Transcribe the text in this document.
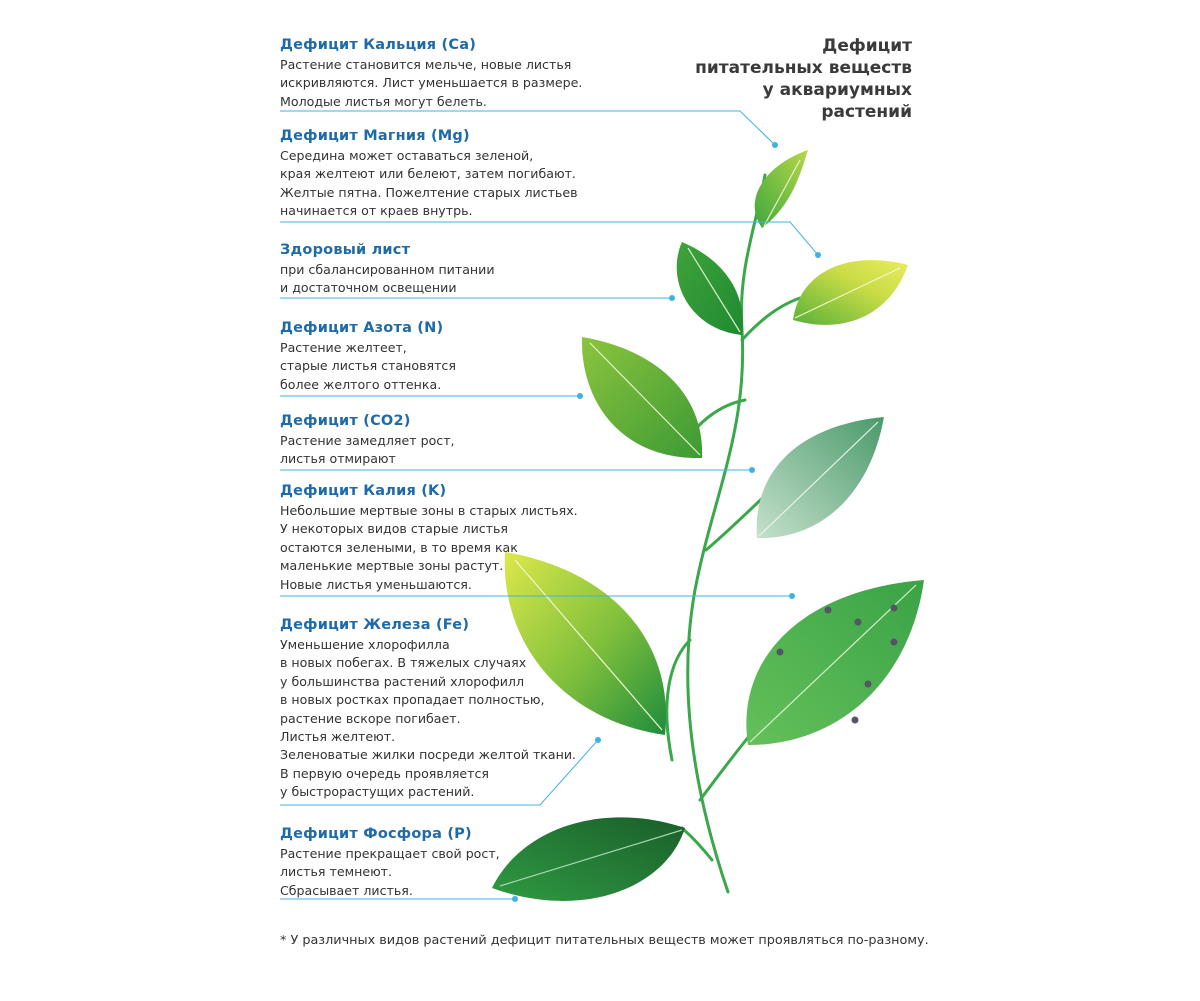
Дефицит
питательных веществ
у аквариумных
растений
Дефицит Кальция (Ca)

Растение становится мельче, новые листья
искривляются. Лист уменьшается в размере.
Молодые листья могут белеть.

Дефицит Магния (Mg)

Середина может оставаться зеленой,
края желтеют или белеют, затем погибают.
Желтые пятна. Пожелтение старых листьев
начинается от краев внутрь.

Здоровый лист

при сбалансированном питании
и достаточном освещении

Дефицит Азота (N)

Растение желтеет,
старые листья становятся
более желтого оттенка.

Дефицит (CO2)

Растение замедляет рост,
листья отмирают

Дефицит Калия (K)

Небольшие мертвые зоны в старых листьях.
У некоторых видов старые листья
остаются зелеными, в то время как
маленькие мертвые зоны растут.
Новые листья уменьшаются.

Дефицит Железа (Fe)

Уменьшение хлорофилла
в новых побегах. В тяжелых случаях
у большинства растений хлорофилл
в новых ростках пропадает полностью,
растение вскоре погибает.
Листья желтеют.
Зеленоватые жилки посреди желтой ткани.
В первую очередь проявляется
у быстрорастущих растений.

Дефицит Фосфора (P)

Растение прекращает свой рост,
листья темнеют.
Сбрасывает листья.

* У различных видов растений дефицит питательных веществ может проявляться по-разному.
